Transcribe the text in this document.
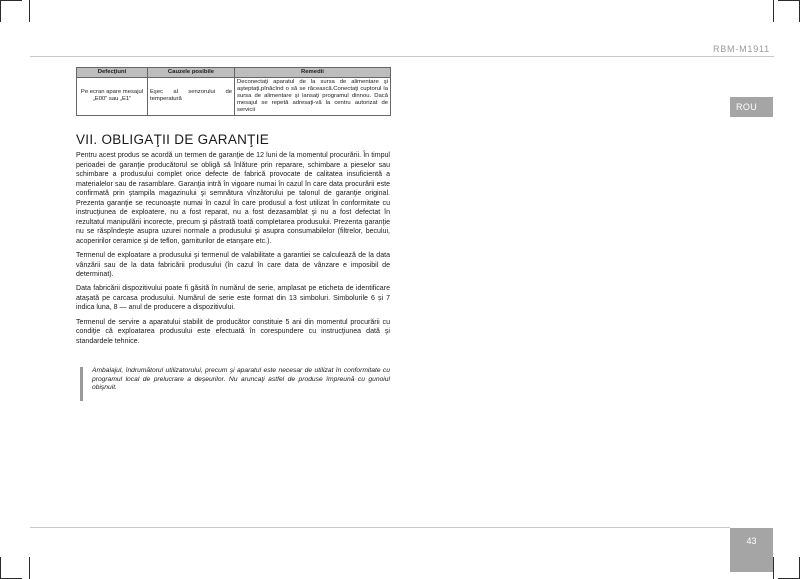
RBM-M1911
ROU
Defecţiuni	Cauzele posibile	Remedii
Pe ecran apare mesajul „E00” sau „E1”	Eşec al senzorului de temperatură	Deconectaţi aparatul de la sursa de alimentare şi aşteptaţi,pînăcînd o să se răcească.Conectaţi cuptorul la sursa de alimentare şi lansaţi programul dinnou. Dacă mesajul se repetă adresaţi-vă la centru autorizat de servicii
VII. OBLIGAŢII DE GARANŢIE

Pentru acest produs se acordă un termen de garanţie de 12 luni de la momentul procurării. În timpul perioadei de garanţie producătorul se obligă să înlăture prin reparare, schimbare a pieselor sau schimbare a produsului complet orice defecte de fabrică provocate de calitatea insuficientă a materialelor sau de rasamblare. Garanţia intră în vigoare numai în cazul în care data procurării este confirmată prin ştampila magazinului şi semnătura vînzătorului pe talonul de garanţie original. Prezenta garanţie se recunoaşte numai în cazul în care produsul a fost utilizat în conformitate cu instrucţiunea de exploatere, nu a fost reparat, nu a fost dezasamblat şi nu a fost defectat în rezultatul manipulării incorecte, precum şi păstrată toată completarea produsului. Prezenta garanţie nu se răspîndeşte asupra uzurei normale a produsului şi asupra consumabilelor (filtrelor, becului, acoperirilor ceramice şi de teflon, garniturilor de etanşare etc.).

Termenul de exploatare a produsului şi termenul de valabilitate a garantiei se calculează de la data vânzării sau de la data fabricării produsului (în cazul în care data de vânzare e imposibil de determinat).

Data fabricării dispozitivului poate fi găsită în numărul de serie, amplasat pe eticheta de identificare ataşată pe carcasa produsului. Numărul de serie este format din 13 simboluri. Simbolurile 6 și 7 indica luna, 8 — anul de producere a dispozitivului.

Termenul de servire a aparatului stabilit de producător constituie 5 ani din momentul procurării cu condiţie că exploatarea produsului este efectuată în corespundere cu instrucţiunea dată şi standardele tehnice.

Ambalajul, îndrumătorul utilizatorului, precum şi aparatul este necesar de utilizat în conformitate cu programul local de prelucrare a deşeurilor. Nu aruncaţi astfel de produse împreună cu gunoiul obişnuit.
43
